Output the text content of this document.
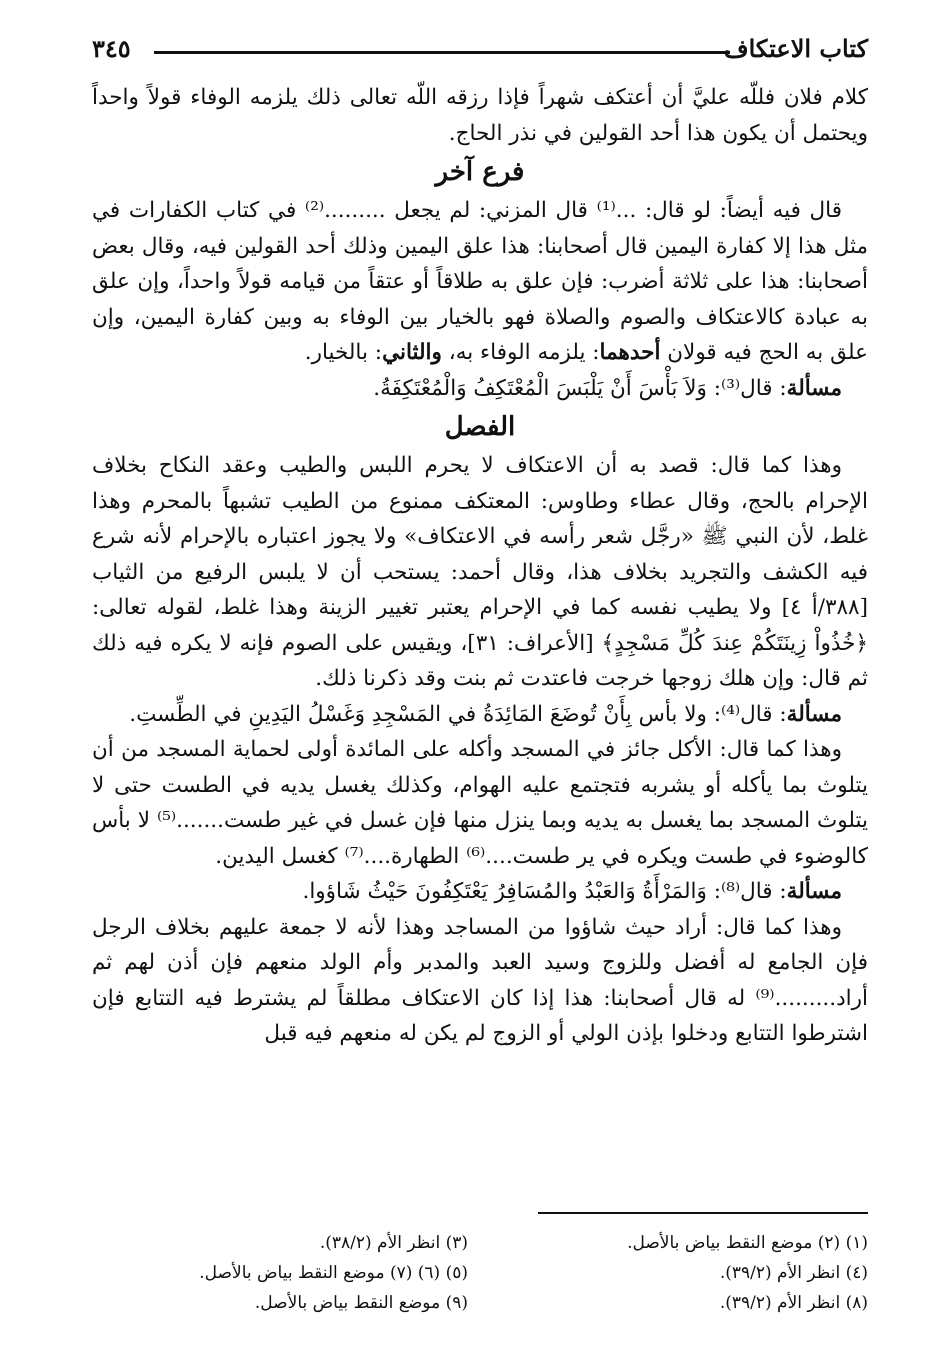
كتاب الاعتكاف
٣٤٥

كلام فلان فللّه عليَّ أن أعتكف شهراً فإذا رزقه اللّه تعالى ذلك يلزمه الوفاء قولاً واحداً ويحتمل أن يكون هذا أحد القولين في نذر الحاج.

فرع آخر

قال فيه أيضاً: لو قال: ...⁽¹⁾ قال المزني: لم يجعل .........⁽²⁾ في كتاب الكفارات في مثل هذا إلا كفارة اليمين قال أصحابنا: هذا علق اليمين وذلك أحد القولين فيه، وقال بعض أصحابنا: هذا على ثلاثة أضرب: فإن علق به طلاقاً أو عتقاً من قيامه قولاً واحداً، وإن علق به عبادة كالاعتكاف والصوم والصلاة فهو بالخيار بين الوفاء به وبين كفارة اليمين، وإن علق به الحج فيه قولان أحدهما: يلزمه الوفاء به، والثاني: بالخيار.

مسألة: قال⁽³⁾: وَلاَ بَأْسَ أَنْ يَلْبَسَ الْمُعْتَكِفُ وَالْمُعْتَكِفَةُ.

الفصل

وهذا كما قال: قصد به أن الاعتكاف لا يحرم اللبس والطيب وعقد النكاح بخلاف الإحرام بالحج، وقال عطاء وطاوس: المعتكف ممنوع من الطيب تشبهاً بالمحرم وهذا غلط، لأن النبي ﷺ «رجَّل شعر رأسه في الاعتكاف» ولا يجوز اعتباره بالإحرام لأنه شرع فيه الكشف والتجريد بخلاف هذا، وقال أحمد: يستحب أن لا يلبس الرفيع من الثياب [٣٨٨/أ ٤] ولا يطيب نفسه كما في الإحرام يعتبر تغيير الزينة وهذا غلط، لقوله تعالى: ﴿خُذُواْ زِينَتَكُمْ عِندَ كُلِّ مَسْجِدٍ﴾ [الأعراف: ٣١]، ويقيس على الصوم فإنه لا يكره فيه ذلك ثم قال: وإن هلك زوجها خرجت فاعتدت ثم بنت وقد ذكرنا ذلك.

مسألة: قال⁽⁴⁾: ولا بأس بِأَنْ تُوضَعَ المَائِدَةُ في المَسْجِدِ وَغَسْلُ اليَدِينِ في الطِّستِ.

وهذا كما قال: الأكل جائز في المسجد وأكله على المائدة أولى لحماية المسجد من أن يتلوث بما يأكله أو يشربه فتجتمع عليه الهوام، وكذلك يغسل يديه في الطست حتى لا يتلوث المسجد بما يغسل به يديه وبما ينزل منها فإن غسل في غير طست.......⁽⁵⁾ لا بأس كالوضوء في طست ويكره في ير طست....⁽⁶⁾ الطهارة....⁽⁷⁾ كغسل اليدين.

مسألة: قال⁽⁸⁾: وَالمَرْأَةُ وَالعَبْدُ والمُسَافِرُ يَعْتَكِفُونَ حَيْثُ شَاؤوا.

وهذا كما قال: أراد حيث شاؤوا من المساجد وهذا لأنه لا جمعة عليهم بخلاف الرجل فإن الجامع له أفضل وللزوج وسيد العبد والمدبر وأم الولد منعهم فإن أذن لهم ثم أراد.........⁽⁹⁾ له قال أصحابنا: هذا إذا كان الاعتكاف مطلقاً لم يشترط فيه التتابع فإن اشترطوا التتابع ودخلوا بإذن الولي أو الزوج لم يكن له منعهم فيه قبل

(١) (٢) موضع النقط بياض بالأصل.
(٣) انظر الأم (٣٨/٢).
(٤) انظر الأم (٣٩/٢).
(٥) (٦) (٧) موضع النقط بياض بالأصل.
(٨) انظر الأم (٣٩/٢).
(٩) موضع النقط بياض بالأصل.
